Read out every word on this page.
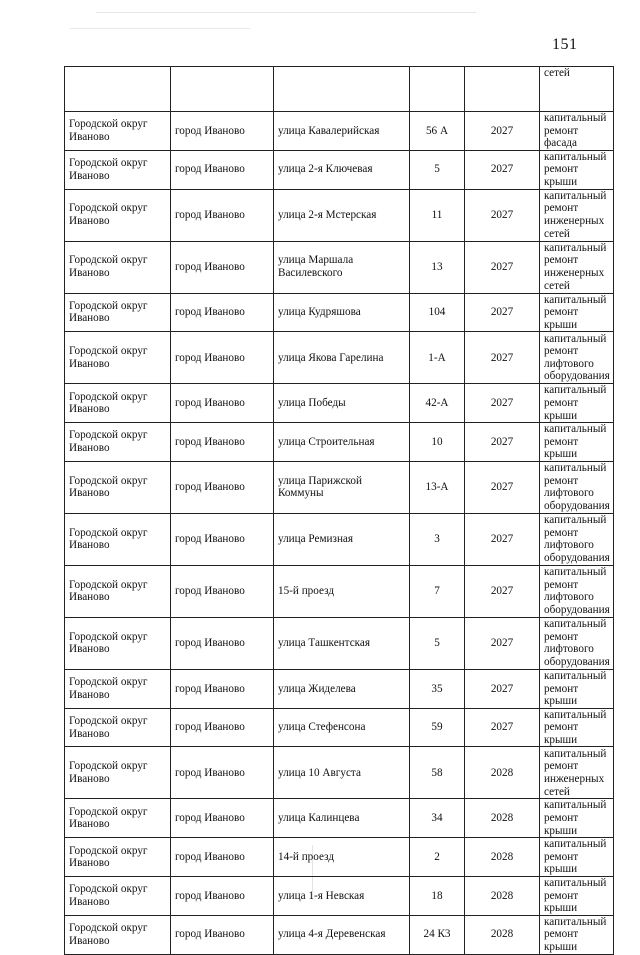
151
					сетей
Городской округ Иваново	город Иваново	улица Кавалерийская	56 А	2027	капитальный ремонт фасада
Городской округ Иваново	город Иваново	улица 2-я Ключевая	5	2027	капитальный ремонт крыши
Городской округ Иваново	город Иваново	улица 2-я Мстерская	11	2027	капитальный ремонт инженерных сетей
Городской округ Иваново	город Иваново	улица Маршала Василевского	13	2027	капитальный ремонт инженерных сетей
Городской округ Иваново	город Иваново	улица Кудряшова	104	2027	капитальный ремонт крыши
Городской округ Иваново	город Иваново	улица Якова Гарелина	1-А	2027	капитальный ремонт лифтового оборудования
Городской округ Иваново	город Иваново	улица Победы	42-А	2027	капитальный ремонт крыши
Городской округ Иваново	город Иваново	улица Строительная	10	2027	капитальный ремонт крыши
Городской округ Иваново	город Иваново	улица Парижской Коммуны	13-А	2027	капитальный ремонт лифтового оборудования
Городской округ Иваново	город Иваново	улица Ремизная	3	2027	капитальный ремонт лифтового оборудования
Городской округ Иваново	город Иваново	15-й проезд	7	2027	капитальный ремонт лифтового оборудования
Городской округ Иваново	город Иваново	улица Ташкентская	5	2027	капитальный ремонт лифтового оборудования
Городской округ Иваново	город Иваново	улица Жиделева	35	2027	капитальный ремонт крыши
Городской округ Иваново	город Иваново	улица Стефенсона	59	2027	капитальный ремонт крыши
Городской округ Иваново	город Иваново	улица 10 Августа	58	2028	капитальный ремонт инженерных сетей
Городской округ Иваново	город Иваново	улица Калинцева	34	2028	капитальный ремонт крыши
Городской округ Иваново	город Иваново	14-й проезд	2	2028	капитальный ремонт крыши
Городской округ Иваново	город Иваново	улица 1-я Невская	18	2028	капитальный ремонт крыши
Городской округ Иваново	город Иваново	улица 4-я Деревенская	24 К3	2028	капитальный ремонт крыши
